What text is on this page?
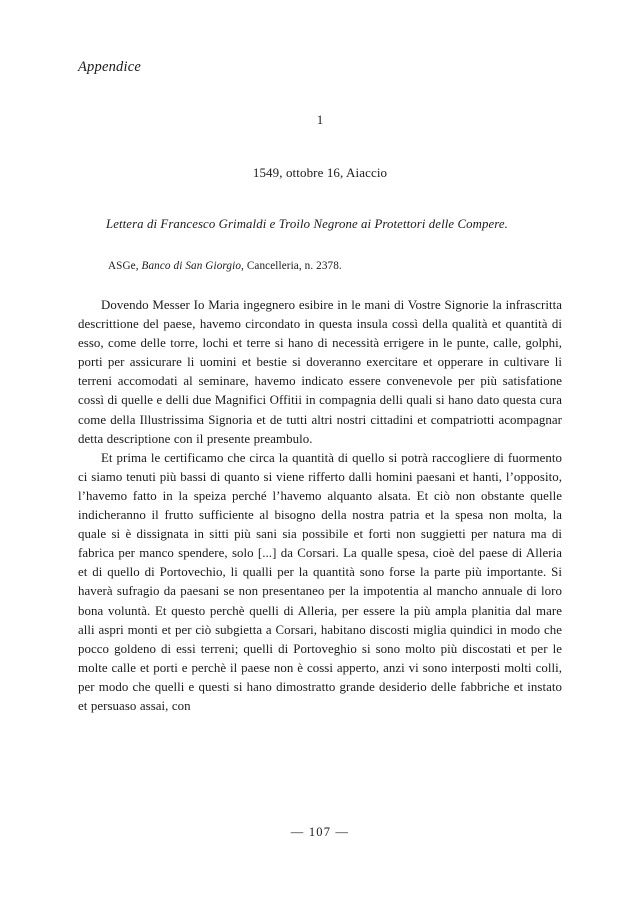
Appendice
1
1549, ottobre 16, Aiaccio
Lettera di Francesco Grimaldi e Troilo Negrone ai Protettori delle Compere.
ASGe, Banco di San Giorgio, Cancelleria, n. 2378.

Dovendo Messer Io Maria ingegnero esibire in le mani di Vostre Signorie la infrascritta descrittione del paese, havemo circondato in questa insula cossì della qualità et quantità di esso, come delle torre, lochi et terre si hano di necessità errigere in le punte, calle, golphi, porti per assicurare li uomini et bestie si doveranno exercitare et opperare in cultivare li terreni accomodati al seminare, havemo indicato essere convenevole per più satisfatione cossì di quelle e delli due Magnifici Offitii in compagnia delli quali si hano dato questa cura come della Illustrissima Signoria et de tutti altri nostri cittadini et compatriotti acompagnar detta descriptione con il presente preambulo.

Et prima le certificamo che circa la quantità di quello si potrà raccogliere di fuormento ci siamo tenuti più bassi di quanto si viene rifferto dalli homini paesani et hanti, l’opposito, l’havemo fatto in la speiza perché l’havemo alquanto alsata. Et ciò non obstante quelle indicheranno il frutto sufficiente al bisogno della nostra patria et la spesa non molta, la quale si è dissignata in sitti più sani sia possibile et forti non suggietti per natura ma di fabrica per manco spendere, solo [...] da Corsari. La qualle spesa, cioè del paese di Alleria et di quello di Portovechio, li qualli per la quantità sono forse la parte più importante. Si haverà sufragio da paesani se non presentaneo per la impotentia al mancho annuale di loro bona voluntà. Et questo perchè quelli di Alleria, per essere la più ampla planitia dal mare alli aspri monti et per ciò subgietta a Corsari, habitano discosti miglia quindici in modo che pocco goldeno di essi terreni; quelli di Portoveghio si sono molto più discostati et per le molte calle et porti e perchè il paese non è cossi apperto, anzi vi sono interposti molti colli, per modo che quelli e questi si hano dimostratto grande desiderio delle fabbriche et instato et persuaso assai, con

— 107 —
